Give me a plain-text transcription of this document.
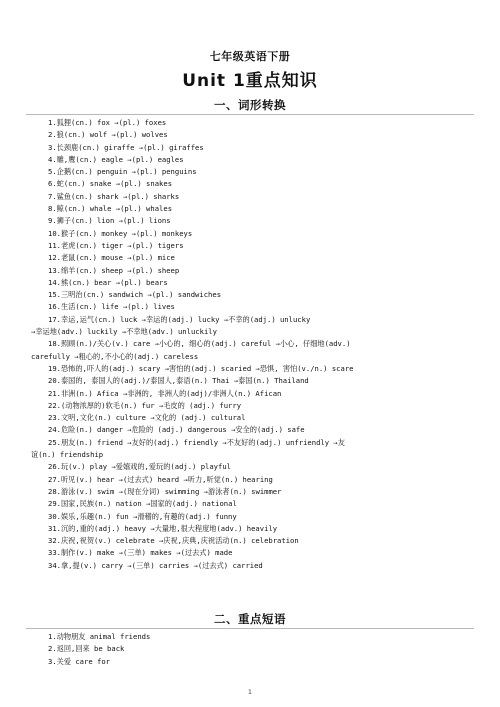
七年级英语下册
Unit 1重点知识
一、词形转换
1.狐狸(cn.) fox →(pl.) foxes
2.狼(cn.) wolf →(pl.) wolves
3.长颈鹿(cn.) giraffe →(pl.) giraffes
4.雕,鹰(cn.) eagle →(pl.) eagles
5.企鹅(cn.) penguin →(pl.) penguins
6.蛇(cn.) snake →(pl.) snakes
7.鲨鱼(cn.) shark →(pl.) sharks
8.鲸(cn.) whale →(pl.) whales
9.狮子(cn.) lion →(pl.) lions
10.猴子(cn.) monkey →(pl.) monkeys
11.老虎(cn.) tiger →(pl.) tigers
12.老鼠(cn.) mouse →(pl.) mice
13.绵羊(cn.) sheep →(pl.) sheep
14.熊(cn.) bear →(pl.) bears
15.三明治(cn.) sandwich →(pl.) sandwiches
16.生活(cn.) life →(pl.) lives
17.幸运,运气(cn.) luck →幸运的(adj.) lucky →不幸的(adj.) unlucky
→幸运地(adv.) luckily →不幸地(adv.) unluckily
18.照顾(n.)/关心(v.) care →小心的, 细心的(adj.) careful →小心, 仔细地(adv.)
carefully →粗心的,不小心的(adj.) careless
19.恐怖的,吓人的(adj.) scary →害怕的(adj.) scaried →恐惧, 害怕(v./n.) scare
20.泰国的, 泰国人的(adj.)/泰国人,泰语(n.) Thai →泰国(n.) Thailand
21.非洲(n.) Afica →非洲的, 非洲人的(adj)/非洲人(n.) Afican
22.(动物浓厚的)软毛(n.) fur →毛皮的 (adj.) furry
23.文明,文化(n.) culture →文化的 (adj.) cultural
24.危险(n.) danger →危险的 (adj.) dangerous →安全的(adj.) safe
25.朋友(n.) friend →友好的(adj.) friendly →不友好的(adj.) unfriendly →友
谊(n.) friendship
26.玩(v.) play →爱嬉戏的,爱玩的(adj.) playful
27.听见(v.) hear →(过去式) heard →听力,听觉(n.) hearing
28.游泳(v.) swim →(现在分词) swimming →游泳者(n.) swimmer
29.国家,民族(n.) nation →国家的(adj.) national
30.娱乐,乐趣(n.) fun →滑稽的,有趣的(adj.) funny
31.沉的,重的(adj.) heavy →大量地,很大程度地(adv.) heavily
32.庆祝,祝贺(v.) celebrate →庆祝,庆典,庆祝活动(n.) celebration
33.制作(v.) make →(三单) makes →(过去式) made
34.拿,提(v.) carry →(三单) carries →(过去式) carried
二、重点短语
1.动物朋友 animal friends
2.返回,回来 be back
3.关爱 care for
1
